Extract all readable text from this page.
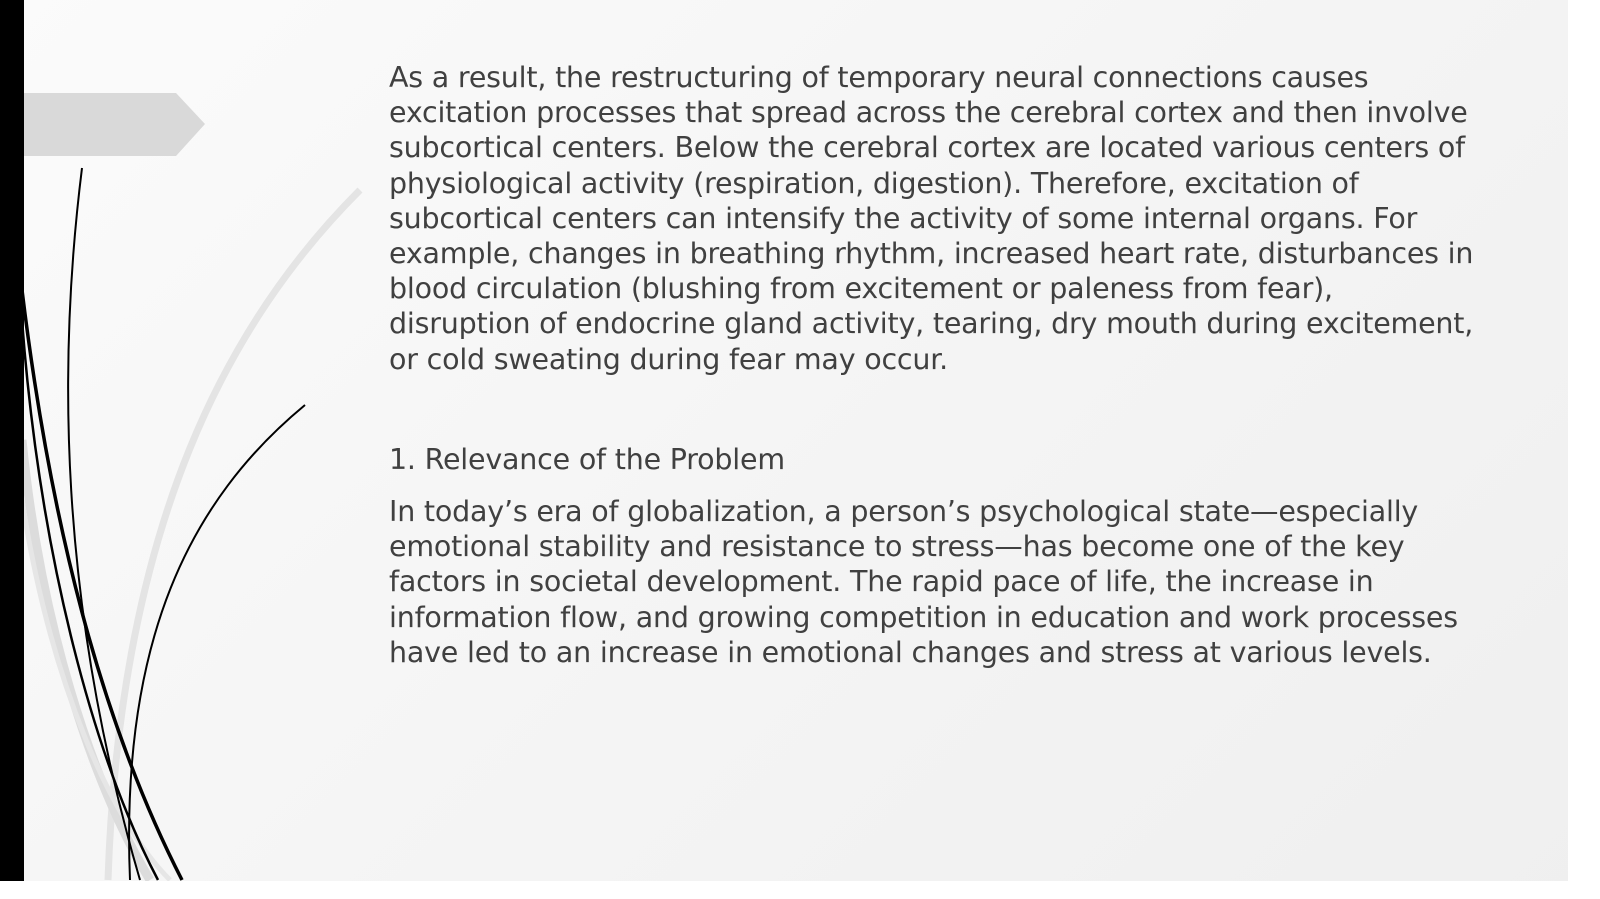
As a result, the restructuring of temporary neural connections causes excitation processes that spread across the cerebral cortex and then involve subcortical centers. Below the cerebral cortex are located various centers of physiological activity (respiration, digestion). Therefore, excitation of subcortical centers can intensify the activity of some internal organs. For example, changes in breathing rhythm, increased heart rate, disturbances in blood circulation (blushing from excitement or paleness from fear), disruption of endocrine gland activity, tearing, dry mouth during excitement, or cold sweating during fear may occur.

1. Relevance of the Problem

In today’s era of globalization, a person’s psychological state—especially emotional stability and resistance to stress—has become one of the key factors in societal development. The rapid pace of life, the increase in information flow, and growing competition in education and work processes have led to an increase in emotional changes and stress at various levels.
